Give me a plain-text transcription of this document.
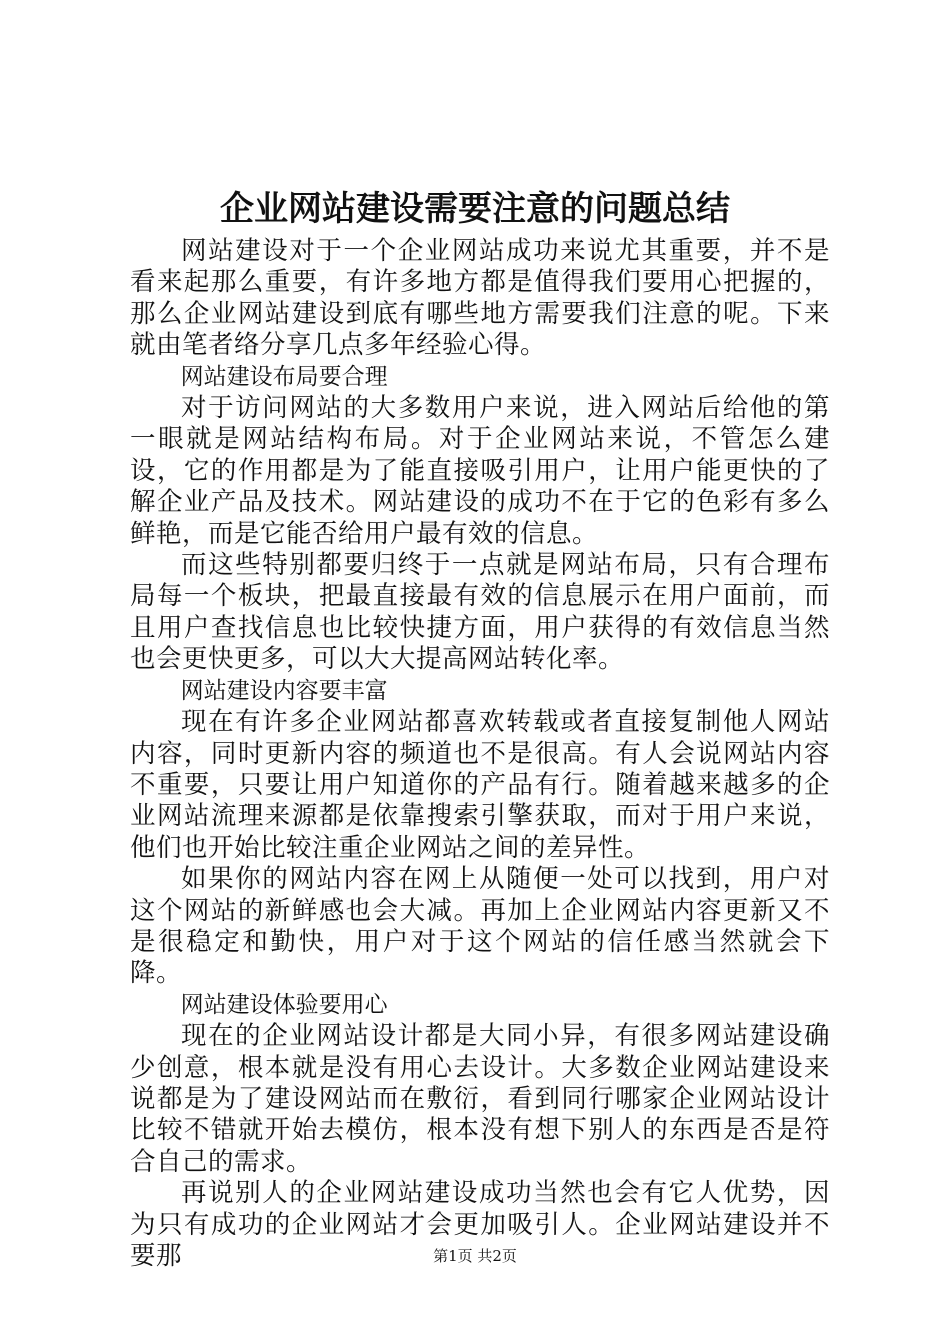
企业网站建设需要注意的问题总结

网站建设对于一个企业网站成功来说尤其重要，并不是看来起那么重要，有许多地方都是值得我们要用心把握的，那么企业网站建设到底有哪些地方需要我们注意的呢。下来就由笔者络分享几点多年经验心得。

网站建设布局要合理

对于访问网站的大多数用户来说，进入网站后给他的第一眼就是网站结构布局。对于企业网站来说，不管怎么建设，它的作用都是为了能直接吸引用户，让用户能更快的了解企业产品及技术。网站建设的成功不在于它的色彩有多么鲜艳，而是它能否给用户最有效的信息。

而这些特别都要归终于一点就是网站布局，只有合理布局每一个板块，把最直接最有效的信息展示在用户面前，而且用户查找信息也比较快捷方面，用户获得的有效信息当然也会更快更多，可以大大提高网站转化率。

网站建设内容要丰富

现在有许多企业网站都喜欢转载或者直接复制他人网站内容，同时更新内容的频道也不是很高。有人会说网站内容不重要，只要让用户知道你的产品有行。随着越来越多的企业网站流理来源都是依靠搜索引擎获取，而对于用户来说，他们也开始比较注重企业网站之间的差异性。

如果你的网站内容在网上从随便一处可以找到，用户对这个网站的新鲜感也会大减。再加上企业网站内容更新又不是很稳定和勤快，用户对于这个网站的信任感当然就会下降。

网站建设体验要用心

现在的企业网站设计都是大同小异，有很多网站建设确少创意，根本就是没有用心去设计。大多数企业网站建设来说都是为了建设网站而在敷衍，看到同行哪家企业网站设计比较不错就开始去模仿，根本没有想下别人的东西是否是符合自己的需求。

再说别人的企业网站建设成功当然也会有它人优势，因为只有成功的企业网站才会更加吸引人。企业网站建设并不要那	第1页 共2页
